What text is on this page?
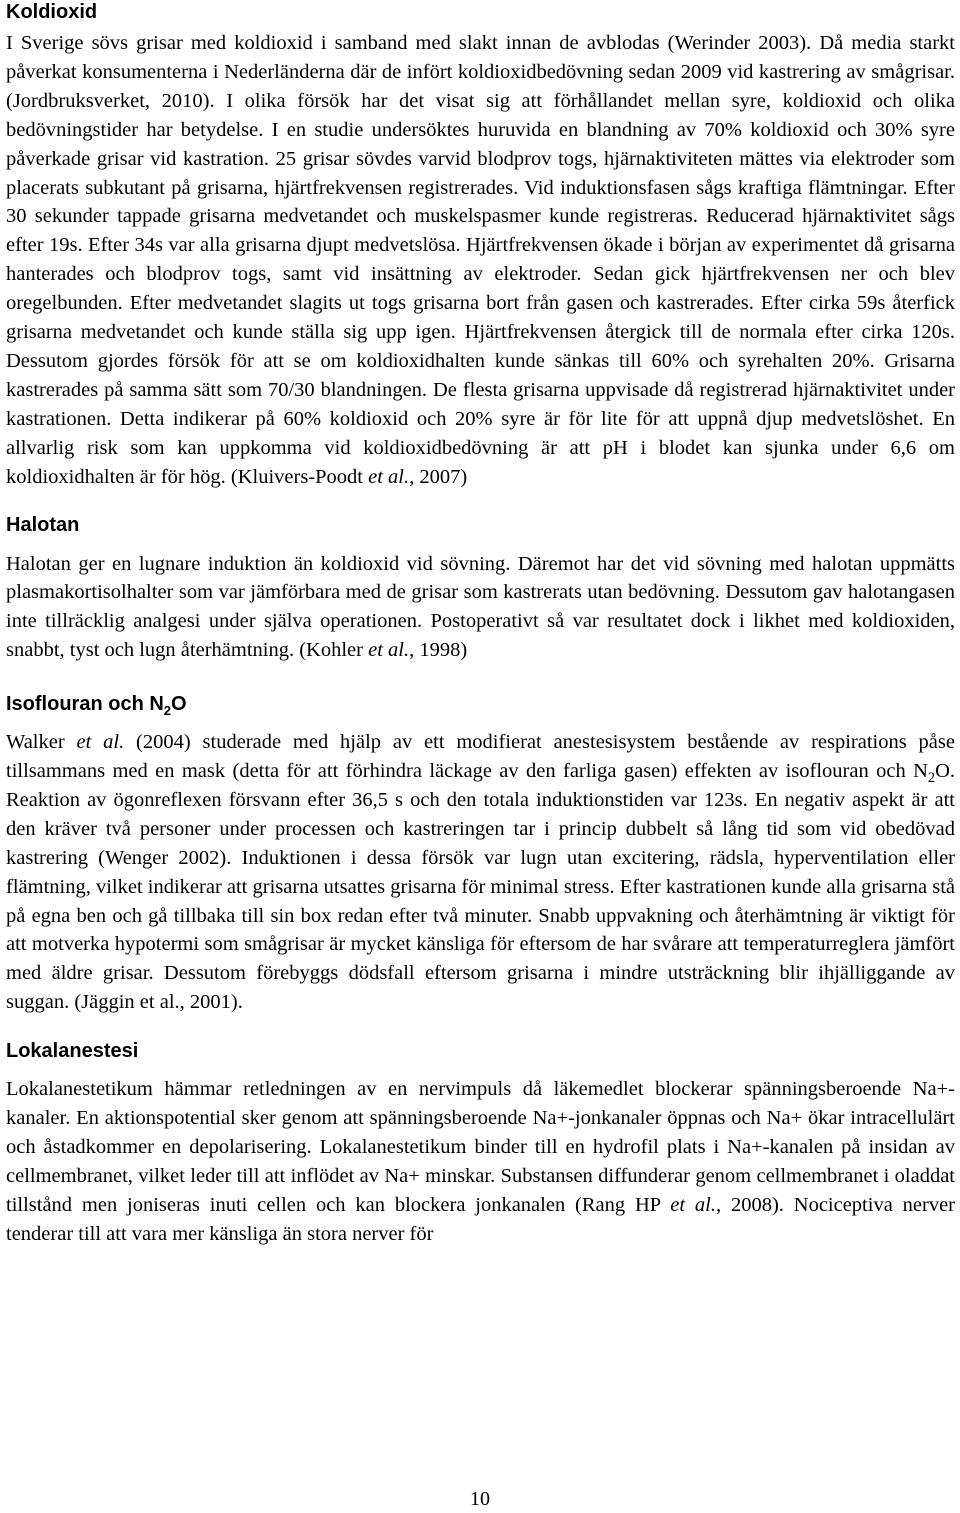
Koldioxid

I Sverige sövs grisar med koldioxid i samband med slakt innan de avblodas (Werinder 2003). Då media starkt påverkat konsumenterna i Nederländerna där de infört koldioxidbedövning sedan 2009 vid kastrering av smågrisar. (Jordbruksverket, 2010). I olika försök har det visat sig att förhållandet mellan syre, koldioxid och olika bedövningstider har betydelse. I en studie undersöktes huruvida en blandning av 70% koldioxid och 30% syre påverkade grisar vid kastration. 25 grisar sövdes varvid blodprov togs, hjärnaktiviteten mättes via elektroder som placerats subkutant på grisarna, hjärtfrekvensen registrerades. Vid induktionsfasen sågs kraftiga flämtningar. Efter 30 sekunder tappade grisarna medvetandet och muskelspasmer kunde registreras. Reducerad hjärnaktivitet sågs efter 19s. Efter 34s var alla grisarna djupt medvetslösa. Hjärtfrekvensen ökade i början av experimentet då grisarna hanterades och blodprov togs, samt vid insättning av elektroder. Sedan gick hjärtfrekvensen ner och blev oregelbunden. Efter medvetandet slagits ut togs grisarna bort från gasen och kastrerades. Efter cirka 59s återfick grisarna medvetandet och kunde ställa sig upp igen. Hjärtfrekvensen återgick till de normala efter cirka 120s. Dessutom gjordes försök för att se om koldioxidhalten kunde sänkas till 60% och syrehalten 20%. Grisarna kastrerades på samma sätt som 70/30 blandningen. De flesta grisarna uppvisade då registrerad hjärnaktivitet under kastrationen. Detta indikerar på 60% koldioxid och 20% syre är för lite för att uppnå djup medvetslöshet. En allvarlig risk som kan uppkomma vid koldioxidbedövning är att pH i blodet kan sjunka under 6,6 om koldioxidhalten är för hög. (Kluivers-Poodt et al., 2007)

Halotan

Halotan ger en lugnare induktion än koldioxid vid sövning. Däremot har det vid sövning med halotan uppmätts plasmakortisolhalter som var jämförbara med de grisar som kastrerats utan bedövning. Dessutom gav halotangasen inte tillräcklig analgesi under själva operationen. Postoperativt så var resultatet dock i likhet med koldioxiden, snabbt, tyst och lugn återhämtning. (Kohler et al., 1998)

Isoflouran och $N_2O$

Walker et al. (2004) studerade med hjälp av ett modifierat anestesisystem bestående av respirations påse tillsammans med en mask (detta för att förhindra läckage av den farliga gasen) effekten av isoflouran och $N_2O$. Reaktion av ögonreflexen försvann efter 36,5 s och den totala induktionstiden var 123s. En negativ aspekt är att den kräver två personer under processen och kastreringen tar i princip dubbelt så lång tid som vid obedövad kastrering (Wenger 2002). Induktionen i dessa försök var lugn utan excitering, rädsla, hyperventilation eller flämtning, vilket indikerar att grisarna utsattes grisarna för minimal stress. Efter kastrationen kunde alla grisarna stå på egna ben och gå tillbaka till sin box redan efter två minuter. Snabb uppvakning och återhämtning är viktigt för att motverka hypotermi som smågrisar är mycket känsliga för eftersom de har svårare att temperaturreglera jämfört med äldre grisar. Dessutom förebyggs dödsfall eftersom grisarna i mindre utsträckning blir ihjälliggande av suggan. (Jäggin et al., 2001).

Lokalanestesi

Lokalanestetikum hämmar retledningen av en nervimpuls då läkemedlet blockerar spänningsberoende Na+- kanaler. En aktionspotential sker genom att spänningsberoende Na+-jonkanaler öppnas och Na+ ökar intracellulärt och åstadkommer en depolarisering. Lokalanestetikum binder till en hydrofil plats i Na+-kanalen på insidan av cellmembranet, vilket leder till att inflödet av Na+ minskar. Substansen diffunderar genom cellmembranet i oladdat tillstånd men joniseras inuti cellen och kan blockera jonkanalen (Rang HP et al., 2008). Nociceptiva nerver tenderar till att vara mer känsliga än stora nerver för

10
